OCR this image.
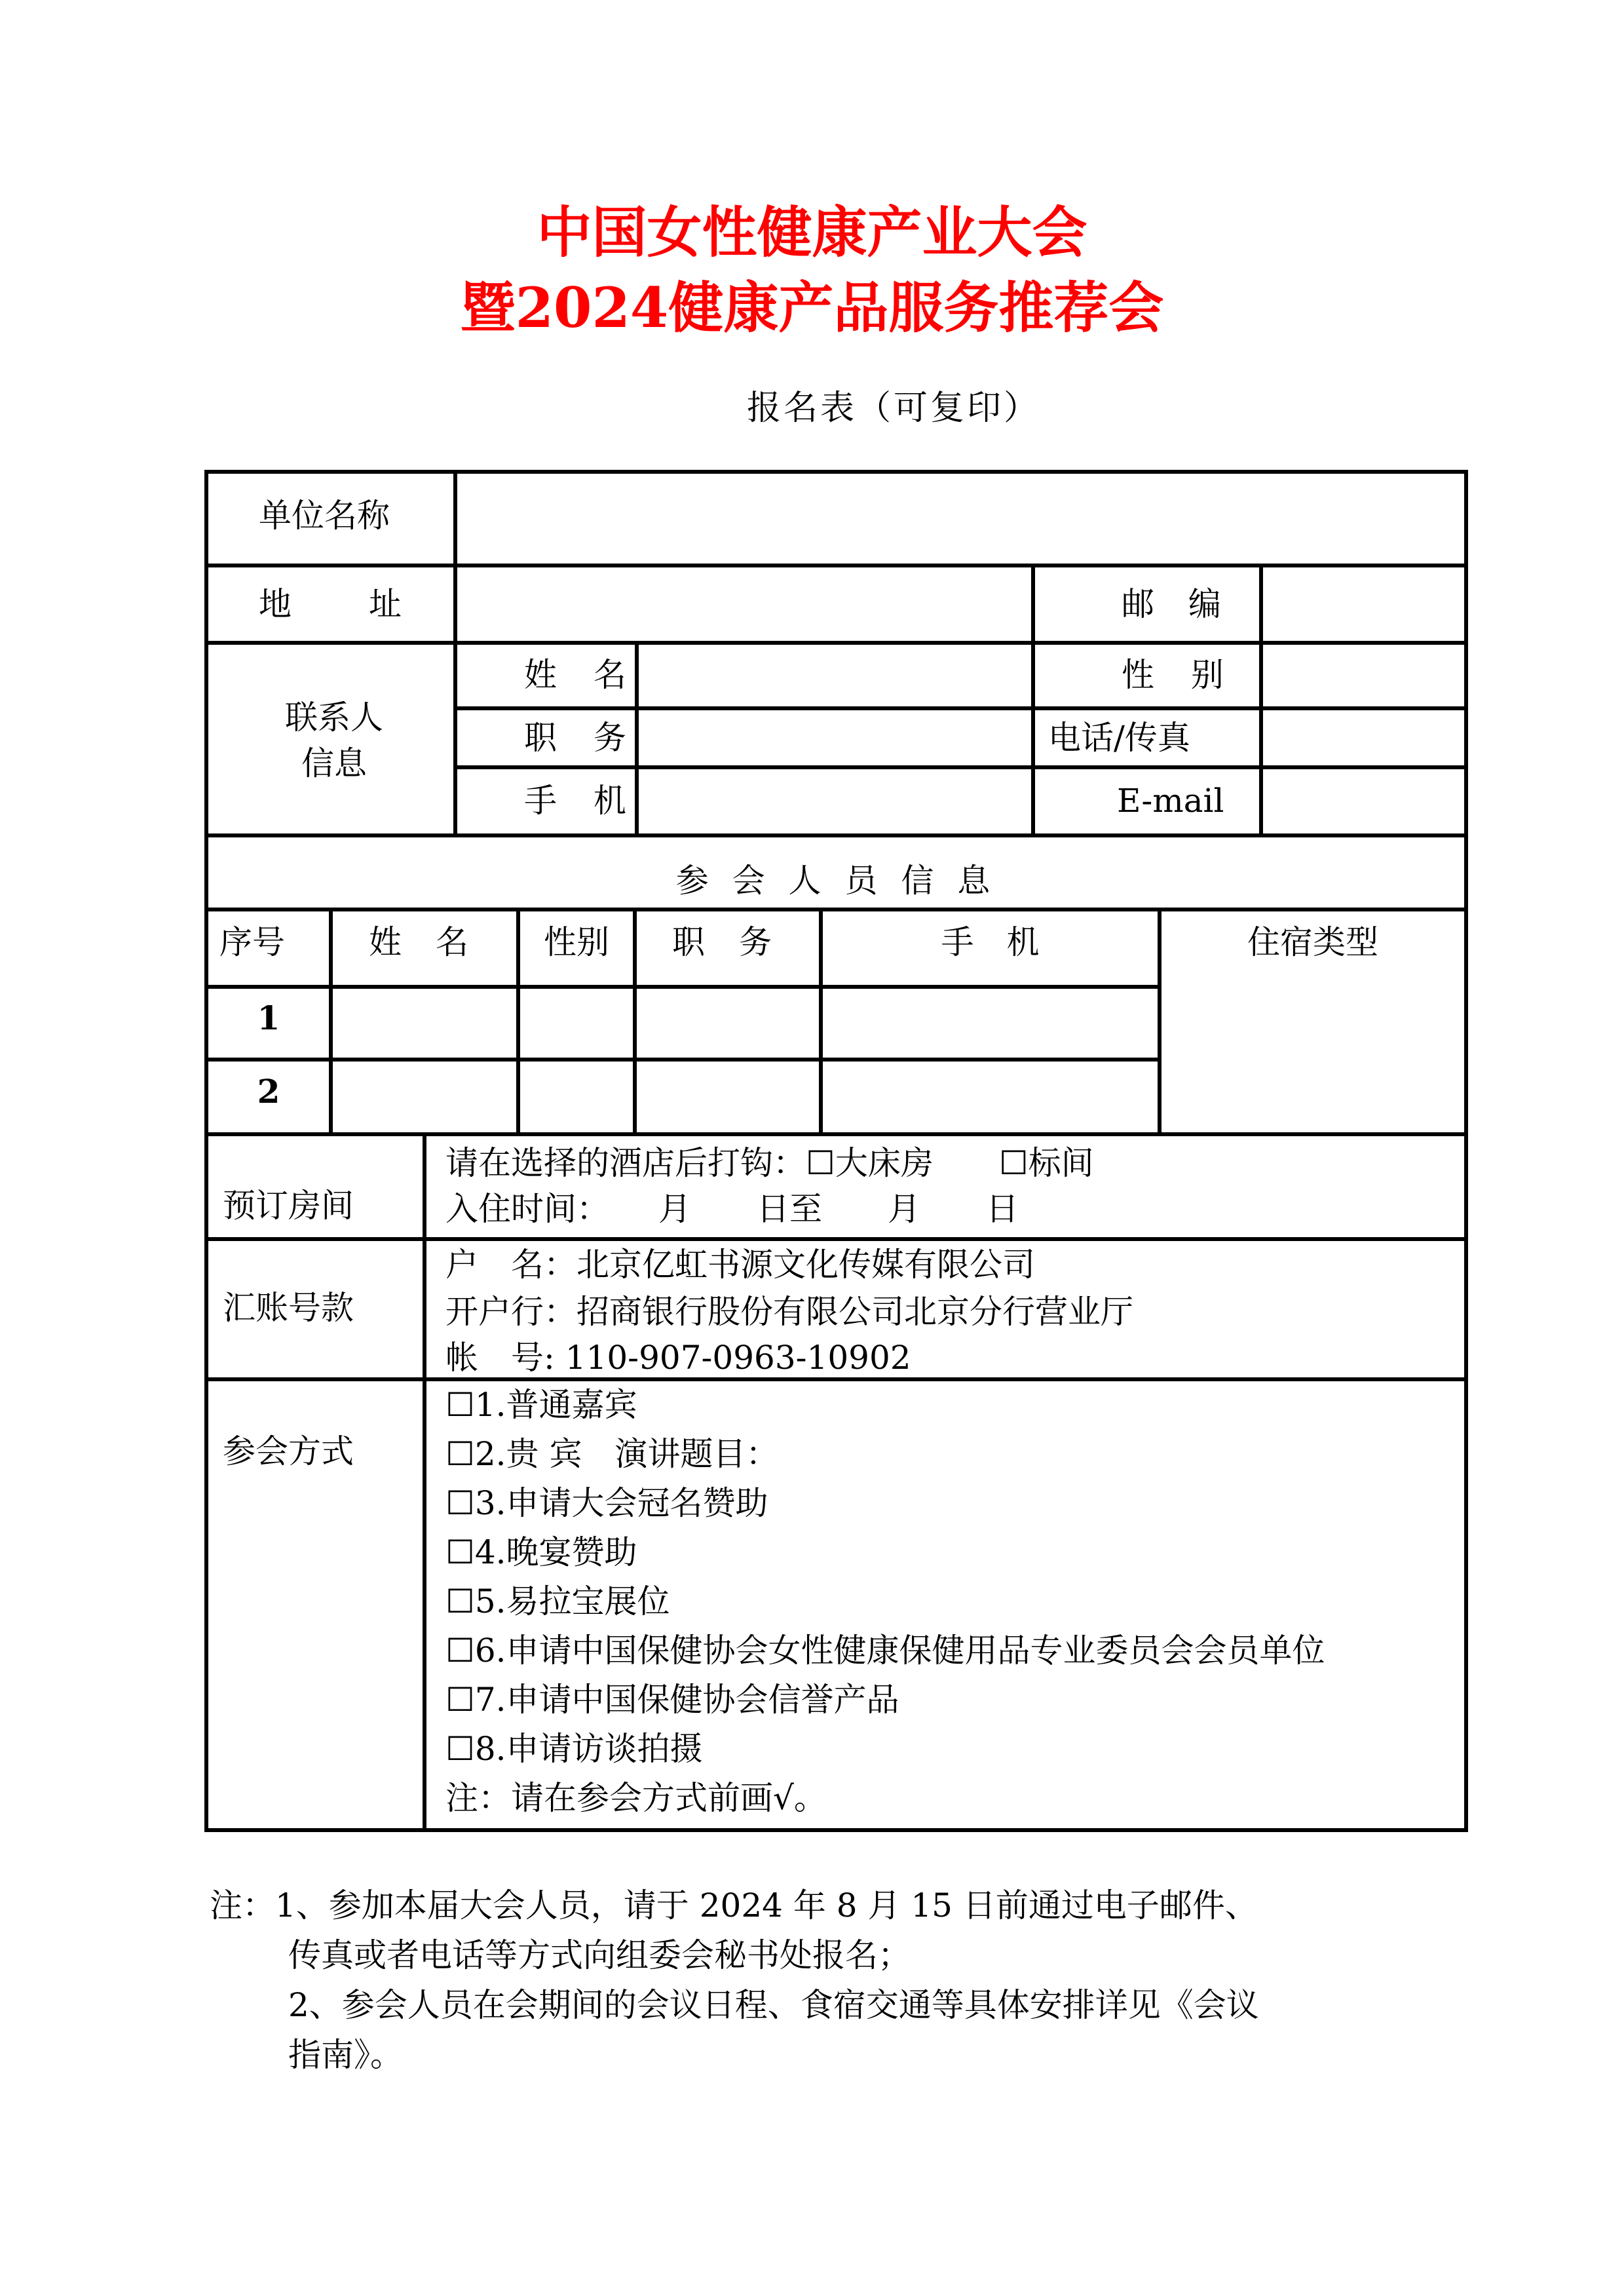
中国女性健康产业大会
暨2024健康产品服务推荐会
报名表（可复印）
单位名称
地　　址	邮 编
联系人
信息
姓 名	性 别
职 务	电话/传真
手 机	E-mail
参 会 人 员 信 息
序号	姓 名	性别	职 务	手　机	住宿类型
1
2
预订房间
请在选择的酒店后打钩：☐大床房　　☐标间
入住时间：　　月　　日至　　月　　日
汇账号款
户　名：北京亿虹书源文化传媒有限公司
开户行：招商银行股份有限公司北京分行营业厅
帐　号: 110-907-0963-10902
参会方式
☐1.普通嘉宾
☐2.贵 宾　演讲题目：
☐3.申请大会冠名赞助
☐4.晚宴赞助
☐5.易拉宝展位
☐6.申请中国保健协会女性健康保健用品专业委员会会员单位
☐7.申请中国保健协会信誉产品
☐8.申请访谈拍摄
注：请在参会方式前画√。
注：1、参加本届大会人员，请于 2024 年 8 月 15 日前通过电子邮件、
传真或者电话等方式向组委会秘书处报名；
2、参会人员在会期间的会议日程、食宿交通等具体安排详见《会议
指南》。
